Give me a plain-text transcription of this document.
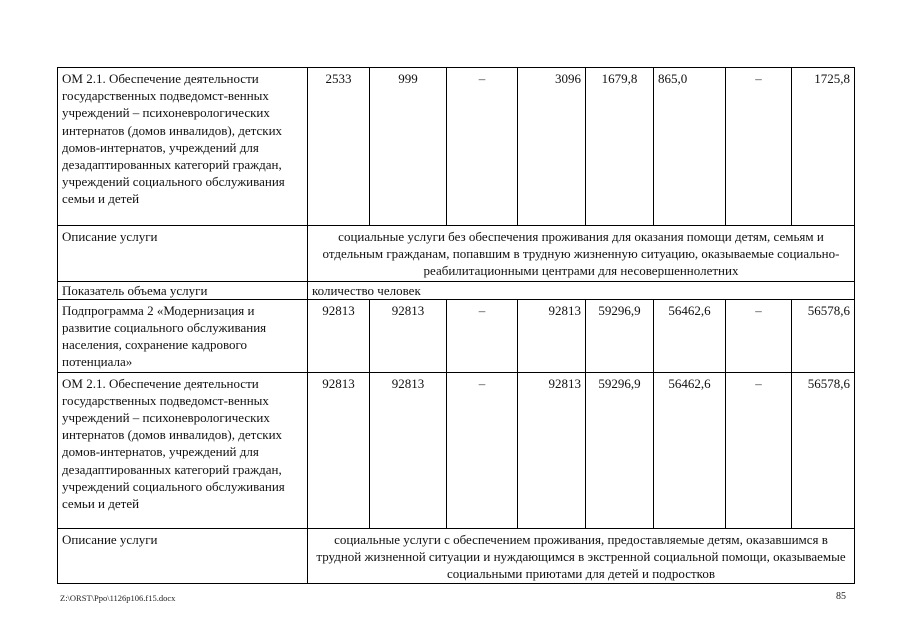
ОМ 2.1. Обеспечение деятельности государственных подведомст-венных учреждений – психоневрологических интернатов (домов инвалидов), детских домов-интернатов, учреждений для дезадаптированных категорий граждан, учреждений социального обслуживания семьи и детей	2533	999	–	3096	1679,8	865,0	–	1725,8
Описание услуги	социальные услуги без обеспечения проживания для оказания помощи детям, семьям и отдельным гражданам, попавшим в трудную жизненную ситуацию, оказываемые социально-реабилитационными центрами для несовершеннолетних							
Показатель объема услуги	количество человек							
Подпрограмма 2 «Модернизация и развитие социального обслуживания населения, сохранение кадрового потенциала»	92813	92813	–	92813	59296,9	56462,6	–	56578,6
ОМ 2.1. Обеспечение деятельности государственных подведомст-венных учреждений – психоневрологических интернатов (домов инвалидов), детских домов-интернатов, учреждений для дезадаптированных категорий граждан, учреждений социального обслуживания семьи и детей	92813	92813	–	92813	59296,9	56462,6	–	56578,6
Описание услуги	социальные услуги с обеспечением проживания, предоставляемые детям, оказавшимся в трудной жизненной ситуации и нуждающимся в экстренной социальной помощи, оказываемые социальными приютами для детей и подростков							
Z:\ORST\Ppo\1126p106.f15.docx	85
